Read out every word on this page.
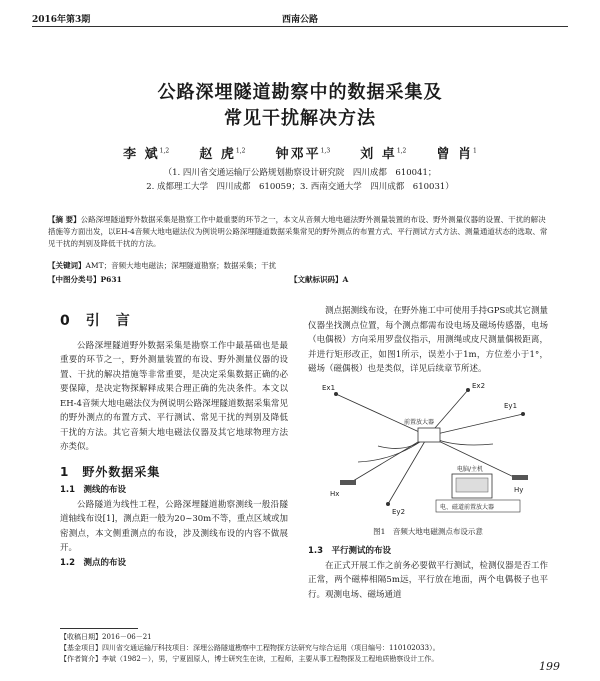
2016年第3期	西南公路
公路深埋隧道勘察中的数据采集及
常见干扰解决方法
李 斌$^{1,2}$ 赵 虎$^{1,2}$ 钟邓平$^{1,3}$ 刘 卓$^{1,2}$ 曾 肖$^1$
（1. 四川省交通运输厅公路规划勘察设计研究院　四川成都　610041；
2. 成都理工大学　四川成都　610059；3. 西南交通大学　四川成都　610031）
【摘 要】公路深埋隧道野外数据采集是勘察工作中最重要的环节之一，本文从音频大地电磁法野外测量装置的布设、野外测量仪器的设置、干扰的解决措施等方面出发，以EH-4音频大地电磁法仪为例说明公路深埋隧道数据采集常见的野外测点的布置方式、平行测试方式方法、测量通道状态的选取、常见干扰的判别及降低干扰的方法。
【关键词】AMT；音频大地电磁法；深埋隧道勘察；数据采集；干扰
【中图分类号】P631	【文献标识码】A
0　引　言

公路深埋隧道野外数据采集是勘察工作中最基础也是最重要的环节之一，野外测量装置的布设、野外测量仪器的设置、干扰的解决措施等非常重要，是决定采集数据正确的必要保障，是决定物探解释成果合理正确的先决条件。本文以EH-4音频大地电磁法仪为例说明公路深埋隧道数据采集常见的野外测点的布置方式、平行测试、常见干扰的判别及降低干扰的方法。其它音频大地电磁法仪器及其它地球物理方法亦类似。

1　野外数据采集
1.1　测线的布设

公路隧道为线性工程，公路深埋隧道勘察测线一般沿隧道轴线布设[1]，测点距一般为20~30m不等，重点区域或加密测点，本文侧重测点的布设，涉及测线布设的内容不做展开。

1.2　测点的布设

测点据测线布设，在野外施工中可使用手持GPS或其它测量仪器坐找测点位置，每个测点都需布设电场及磁场传感器，电场（电偶极）方向采用罗盘仪指示，用测绳或皮尺测量偶极距离，并进行矩形改正，如图1所示，误差小于1m，方位差小于1°，磁场（磁偶极）也是类似，详见后续章节所述。

Ex1
Ey1
Ex2
Ey2
Hx	Hy
前置放大器
电脑/主机
电、磁道前置放大器
图1　音频大地电磁测点布设示意
1.3　平行测试的布设

在正式开展工作之前务必要做平行测试，检测仪器是否工作正常，两个磁棒相隔5m远，平行放在地面，两个电偶极子也平行。观测电场、磁场通道

【收稿日期】2016－06－21
【基金项目】四川省交通运输厅科技项目：深埋公路隧道勘察中工程物探方法研究与综合运用（项目编号：110102033）。
【作者简介】李斌（1982－），男，宁夏固原人，博士研究生在读，工程师，主要从事工程物探及工程地质勘察设计工作。
199
